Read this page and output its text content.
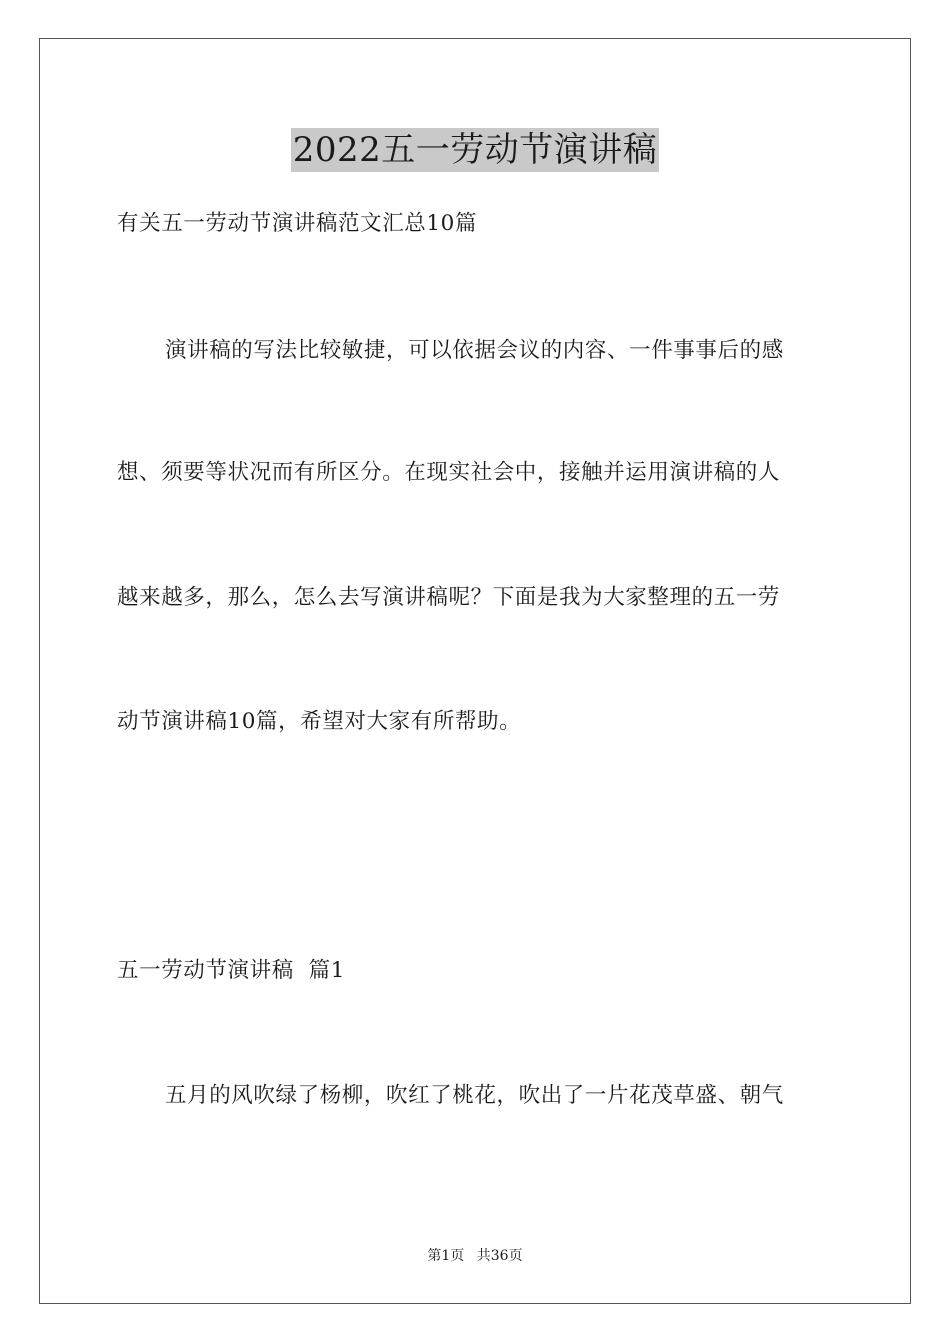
2022五一劳动节演讲稿

有关五一劳动节演讲稿范文汇总10篇

演讲稿的写法比较敏捷，可以依据会议的内容、一件事事后的感

想、须要等状况而有所区分。在现实社会中，接触并运用演讲稿的人

越来越多，那么，怎么去写演讲稿呢？下面是我为大家整理的五一劳

动节演讲稿10篇，希望对大家有所帮助。

五一劳动节演讲稿  篇1

五月的风吹绿了杨柳，吹红了桃花，吹出了一片花茂草盛、朝气

第1页 共36页
